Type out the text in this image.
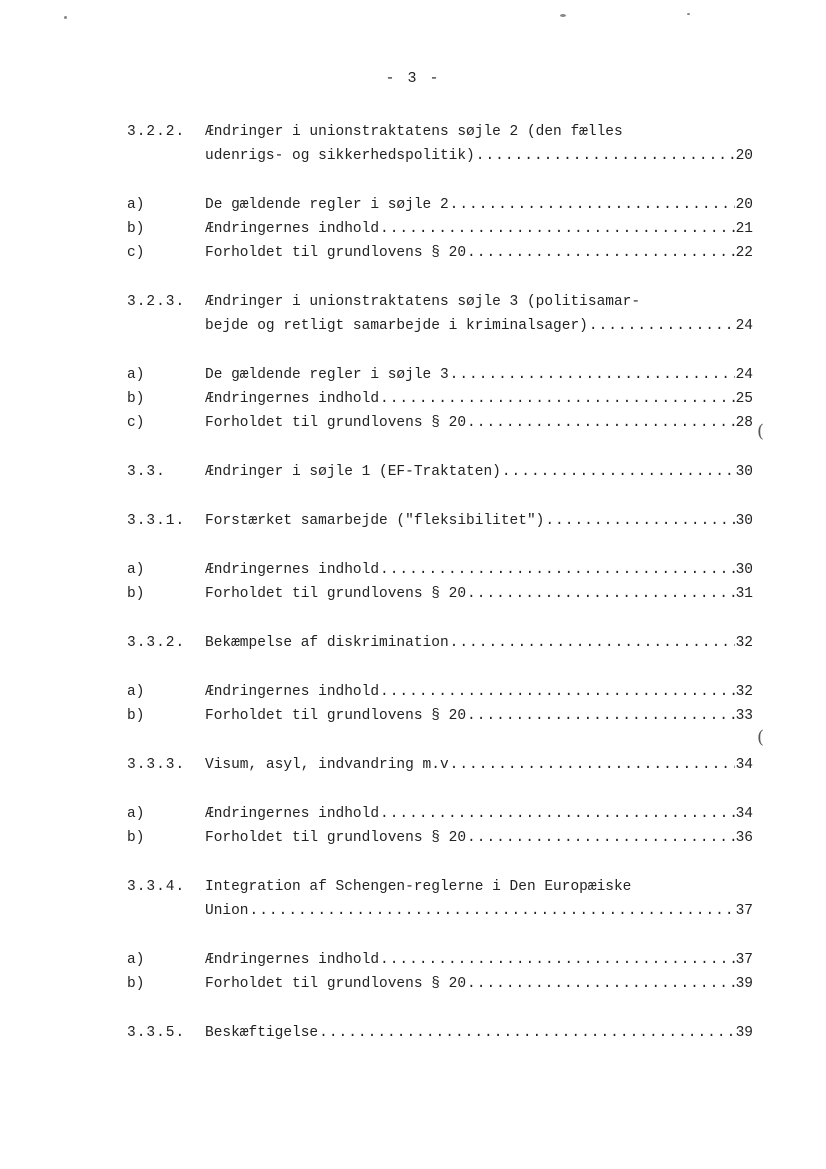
- 3 -
3.2.2. Ændringer i unionstraktatens søjle 2 (den fælles
udenrigs- og sikkerhedspolitik) .....	20
a)	De gældende regler i søjle 2 .....	20
b)	Ændringernes indhold .....	21
c)	Forholdet til grundlovens § 20 .....	22
3.2.3. Ændringer i unionstraktatens søjle 3 (politisamar-
bejde og retligt samarbejde i kriminalsager) .....	24
a)	De gældende regler i søjle 3 .....	24
b)	Ændringernes indhold .....	25
c)	Forholdet til grundlovens § 20 .....	28
3.3.	Ændringer i søjle 1 (EF-Traktaten) .....	30
3.3.1. Forstærket samarbejde ("fleksibilitet") .....	30
a)	Ændringernes indhold .....	30
b)	Forholdet til grundlovens § 20 .....	31
3.3.2. Bekæmpelse af diskrimination .....	32
a)	Ændringernes indhold .....	32
b)	Forholdet til grundlovens § 20 .....	33
3.3.3. Visum, asyl, indvandring m.v .....	34
a)	Ændringernes indhold .....	34
b)	Forholdet til grundlovens § 20 .....	36
3.3.4. Integration af Schengen-reglerne i Den Europæiske
Union .....	37
a)	Ændringernes indhold .....	37
b)	Forholdet til grundlovens § 20 .....	39
3.3.5. Beskæftigelse .....	39
(
(
